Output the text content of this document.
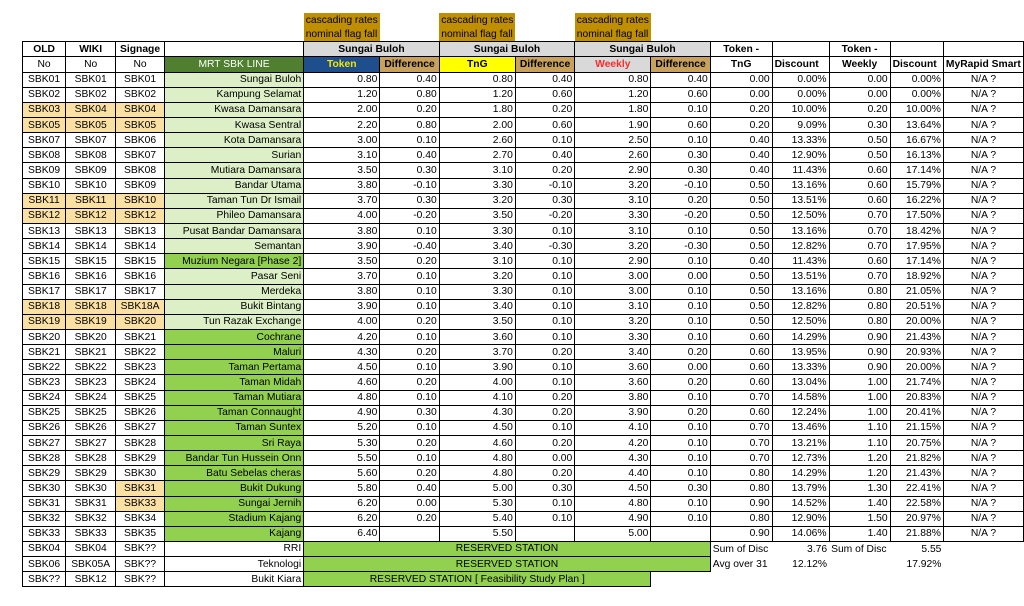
				cascading rates		cascading rates		cascading rates						
				nominal flag fall		nominal flag fall		nominal flag fall						
OLD	WIKI	Signage		Sungai Buloh		Sungai Buloh		Sungai Buloh		Token -		Token -		
No	No	No	MRT SBK LINE	Token	Difference	TnG	Difference	Weekly	Difference	TnG	Discount	Weekly	Discount	MyRapid Smart
SBK01	SBK01	SBK01	Sungai Buloh	0.80	0.40	0.80	0.40	0.80	0.40	0.00	0.00%	0.00	0.00%	N/A ?
SBK02	SBK02	SBK02	Kampung Selamat	1.20	0.80	1.20	0.60	1.20	0.60	0.00	0.00%	0.00	0.00%	N/A ?
SBK03	SBK04	SBK04	Kwasa Damansara	2.00	0.20	1.80	0.20	1.80	0.10	0.20	10.00%	0.20	10.00%	N/A ?
SBK05	SBK05	SBK05	Kwasa Sentral	2.20	0.80	2.00	0.60	1.90	0.60	0.20	9.09%	0.30	13.64%	N/A ?
SBK07	SBK07	SBK06	Kota Damansara	3.00	0.10	2.60	0.10	2.50	0.10	0.40	13.33%	0.50	16.67%	N/A ?
SBK08	SBK08	SBK07	Surian	3.10	0.40	2.70	0.40	2.60	0.30	0.40	12.90%	0.50	16.13%	N/A ?
SBK09	SBK09	SBK08	Mutiara Damansara	3.50	0.30	3.10	0.20	2.90	0.30	0.40	11.43%	0.60	17.14%	N/A ?
SBK10	SBK10	SBK09	Bandar Utama	3.80	-0.10	3.30	-0.10	3.20	-0.10	0.50	13.16%	0.60	15.79%	N/A ?
SBK11	SBK11	SBK10	Taman Tun Dr Ismail	3.70	0.30	3.20	0.30	3.10	0.20	0.50	13.51%	0.60	16.22%	N/A ?
SBK12	SBK12	SBK12	Phileo Damansara	4.00	-0.20	3.50	-0.20	3.30	-0.20	0.50	12.50%	0.70	17.50%	N/A ?
SBK13	SBK13	SBK13	Pusat Bandar Damansara	3.80	0.10	3.30	0.10	3.10	0.10	0.50	13.16%	0.70	18.42%	N/A ?
SBK14	SBK14	SBK14	Semantan	3.90	-0.40	3.40	-0.30	3.20	-0.30	0.50	12.82%	0.70	17.95%	N/A ?
SBK15	SBK15	SBK15	Muzium Negara [Phase 2]	3.50	0.20	3.10	0.10	2.90	0.10	0.40	11.43%	0.60	17.14%	N/A ?
SBK16	SBK16	SBK16	Pasar Seni	3.70	0.10	3.20	0.10	3.00	0.00	0.50	13.51%	0.70	18.92%	N/A ?
SBK17	SBK17	SBK17	Merdeka	3.80	0.10	3.30	0.10	3.00	0.10	0.50	13.16%	0.80	21.05%	N/A ?
SBK18	SBK18	SBK18A	Bukit Bintang	3.90	0.10	3.40	0.10	3.10	0.10	0.50	12.82%	0.80	20.51%	N/A ?
SBK19	SBK19	SBK20	Tun Razak Exchange	4.00	0.20	3.50	0.10	3.20	0.10	0.50	12.50%	0.80	20.00%	N/A ?
SBK20	SBK20	SBK21	Cochrane	4.20	0.10	3.60	0.10	3.30	0.10	0.60	14.29%	0.90	21.43%	N/A ?
SBK21	SBK21	SBK22	Maluri	4.30	0.20	3.70	0.20	3.40	0.20	0.60	13.95%	0.90	20.93%	N/A ?
SBK22	SBK22	SBK23	Taman Pertama	4.50	0.10	3.90	0.10	3.60	0.00	0.60	13.33%	0.90	20.00%	N/A ?
SBK23	SBK23	SBK24	Taman Midah	4.60	0.20	4.00	0.10	3.60	0.20	0.60	13.04%	1.00	21.74%	N/A ?
SBK24	SBK24	SBK25	Taman Mutiara	4.80	0.10	4.10	0.20	3.80	0.10	0.70	14.58%	1.00	20.83%	N/A ?
SBK25	SBK25	SBK26	Taman Connaught	4.90	0.30	4.30	0.20	3.90	0.20	0.60	12.24%	1.00	20.41%	N/A ?
SBK26	SBK26	SBK27	Taman Suntex	5.20	0.10	4.50	0.10	4.10	0.10	0.70	13.46%	1.10	21.15%	N/A ?
SBK27	SBK27	SBK28	Sri Raya	5.30	0.20	4.60	0.20	4.20	0.10	0.70	13.21%	1.10	20.75%	N/A ?
SBK28	SBK28	SBK29	Bandar Tun Hussein Onn	5.50	0.10	4.80	0.00	4.30	0.10	0.70	12.73%	1.20	21.82%	N/A ?
SBK29	SBK29	SBK30	Batu Sebelas cheras	5.60	0.20	4.80	0.20	4.40	0.10	0.80	14.29%	1.20	21.43%	N/A ?
SBK30	SBK30	SBK31	Bukit Dukung	5.80	0.40	5.00	0.30	4.50	0.30	0.80	13.79%	1.30	22.41%	N/A ?
SBK31	SBK31	SBK33	Sungai Jernih	6.20	0.00	5.30	0.10	4.80	0.10	0.90	14.52%	1.40	22.58%	N/A ?
SBK32	SBK32	SBK34	Stadium Kajang	6.20	0.20	5.40	0.10	4.90	0.10	0.80	12.90%	1.50	20.97%	N/A ?
SBK33	SBK33	SBK35	Kajang	6.40		5.50		5.00		0.90	14.06%	1.40	21.88%	N/A ?
SBK04	SBK04	SBK??	RRI	RESERVED STATION						Sum of Disc	3.76	Sum of Disc	5.55	
SBK06	SBK05A	SBK??	Teknologi	RESERVED STATION						Avg over 31	12.12%		17.92%	
SBK??	SBK12	SBK??	Bukit Kiara	RESERVED STATION [ Feasibility Study Plan ]										
